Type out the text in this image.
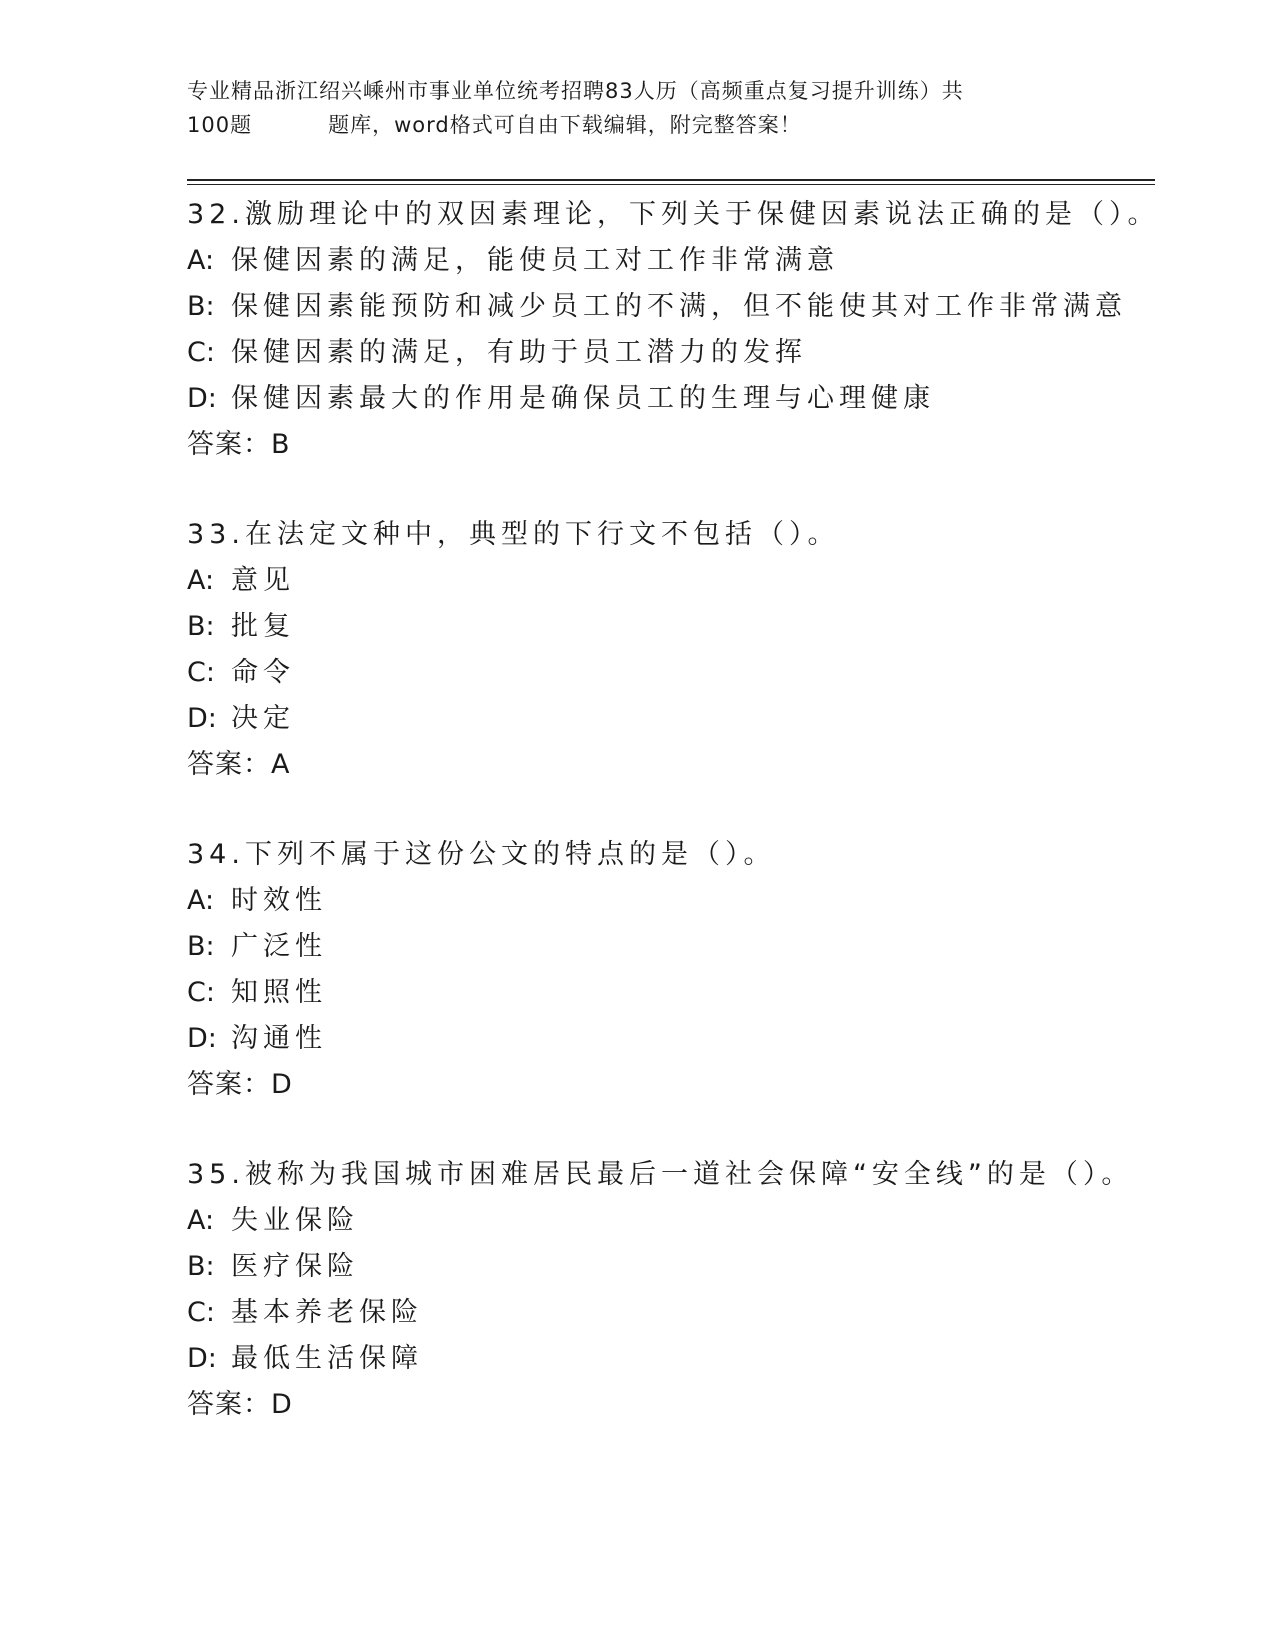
专业精品浙江绍兴嵊州市事业单位统考招聘83人历（高频重点复习提升训练）共
100题	题库，word格式可自由下载编辑，附完整答案！
32.激励理论中的双因素理论，下列关于保健因素说法正确的是（）。
A: 保健因素的满足，能使员工对工作非常满意
B: 保健因素能预防和减少员工的不满，但不能使其对工作非常满意
C: 保健因素的满足，有助于员工潜力的发挥
D: 保健因素最大的作用是确保员工的生理与心理健康
答案：B
33.在法定文种中，典型的下行文不包括（）。
A: 意见
B: 批复
C: 命令
D: 决定
答案：A
34.下列不属于这份公文的特点的是（）。
A: 时效性
B: 广泛性
C: 知照性
D: 沟通性
答案：D
35.被称为我国城市困难居民最后一道社会保障“安全线”的是（）。
A: 失业保险
B: 医疗保险
C: 基本养老保险
D: 最低生活保障
答案：D
